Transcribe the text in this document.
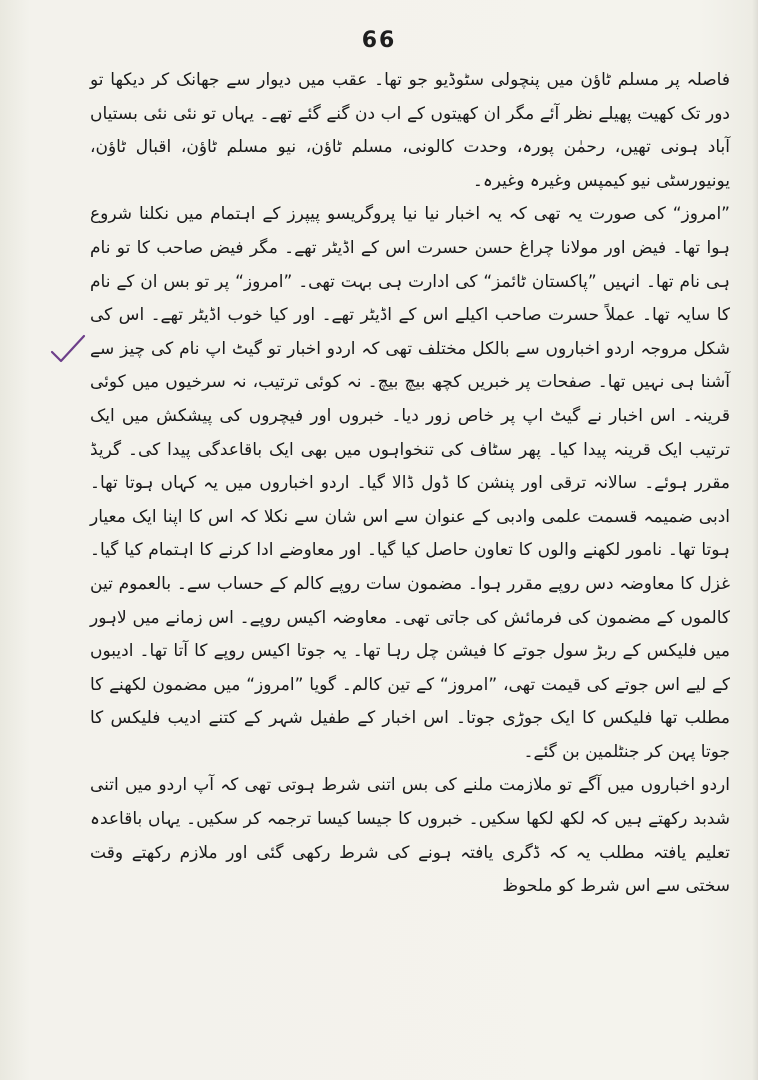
66

فاصلہ پر مسلم ٹاؤن میں پنچولی سٹوڈیو جو تھا۔ عقب میں دیوار سے جھانک کر دیکھا تو دور تک کھیت پھیلے نظر آئے مگر ان کھیتوں کے اب دن گنے گئے تھے۔ یہاں تو نئی نئی بستیاں آباد ہونی تھیں، رحمٰن پورہ، وحدت کالونی، مسلم ٹاؤن، نیو مسلم ٹاؤن، اقبال ٹاؤن، یونیورسٹی نیو کیمپس وغیرہ وغیرہ۔

”امروز“ کی صورت یہ تھی کہ یہ اخبار نیا نیا پروگریسو پیپرز کے اہتمام میں نکلنا شروع ہوا تھا۔ فیض اور مولانا چراغ حسن حسرت اس کے اڈیٹر تھے۔ مگر فیض صاحب کا تو نام ہی نام تھا۔ انہیں ”پاکستان ٹائمز“ کی ادارت ہی بہت تھی۔ ”امروز“ پر تو بس ان کے نام کا سایہ تھا۔ عملاً حسرت صاحب اکیلے اس کے اڈیٹر تھے۔ اور کیا خوب اڈیٹر تھے۔ اس کی شکل مروجہ اردو اخباروں سے بالکل مختلف تھی کہ اردو اخبار تو گیٹ اپ نام کی چیز سے آشنا ہی نہیں تھا۔ صفحات پر خبریں کچھ بیچ بیچ۔ نہ کوئی ترتیب، نہ سرخیوں میں کوئی قرینہ۔ اس اخبار نے گیٹ اپ پر خاص زور دیا۔ خبروں اور فیچروں کی پیشکش میں ایک ترتیب ایک قرینہ پیدا کیا۔ پھر سٹاف کی تنخواہوں میں بھی ایک باقاعدگی پیدا کی۔ گریڈ مقرر ہوئے۔ سالانہ ترقی اور پنشن کا ڈول ڈالا گیا۔ اردو اخباروں میں یہ کہاں ہوتا تھا۔ ادبی ضمیمہ قسمت علمی وادبی کے عنوان سے اس شان سے نکلا کہ اس کا اپنا ایک معیار ہوتا تھا۔ نامور لکھنے والوں کا تعاون حاصل کیا گیا۔ اور معاوضے ادا کرنے کا اہتمام کیا گیا۔ غزل کا معاوضہ دس روپے مقرر ہوا۔ مضمون سات روپے کالم کے حساب سے۔ بالعموم تین کالموں کے مضمون کی فرمائش کی جاتی تھی۔ معاوضہ اکیس روپے۔ اس زمانے میں لاہور میں فلیکس کے ربڑ سول جوتے کا فیشن چل رہا تھا۔ یہ جوتا اکیس روپے کا آتا تھا۔ ادیبوں کے لیے اس جوتے کی قیمت تھی، ”امروز“ کے تین کالم۔ گویا ”امروز“ میں مضمون لکھنے کا مطلب تھا فلیکس کا ایک جوڑی جوتا۔ اس اخبار کے طفیل شہر کے کتنے ادیب فلیکس کا جوتا پہن کر جنٹلمین بن گئے۔

اردو اخباروں میں آگے تو ملازمت ملنے کی بس اتنی شرط ہوتی تھی کہ آپ اردو میں اتنی شدبد رکھتے ہیں کہ لکھ لکھا سکیں۔ خبروں کا جیسا کیسا ترجمہ کر سکیں۔ یہاں باقاعدہ تعلیم یافتہ مطلب یہ کہ ڈگری یافتہ ہونے کی شرط رکھی گئی اور ملازم رکھتے وقت سختی سے اس شرط کو ملحوظ
